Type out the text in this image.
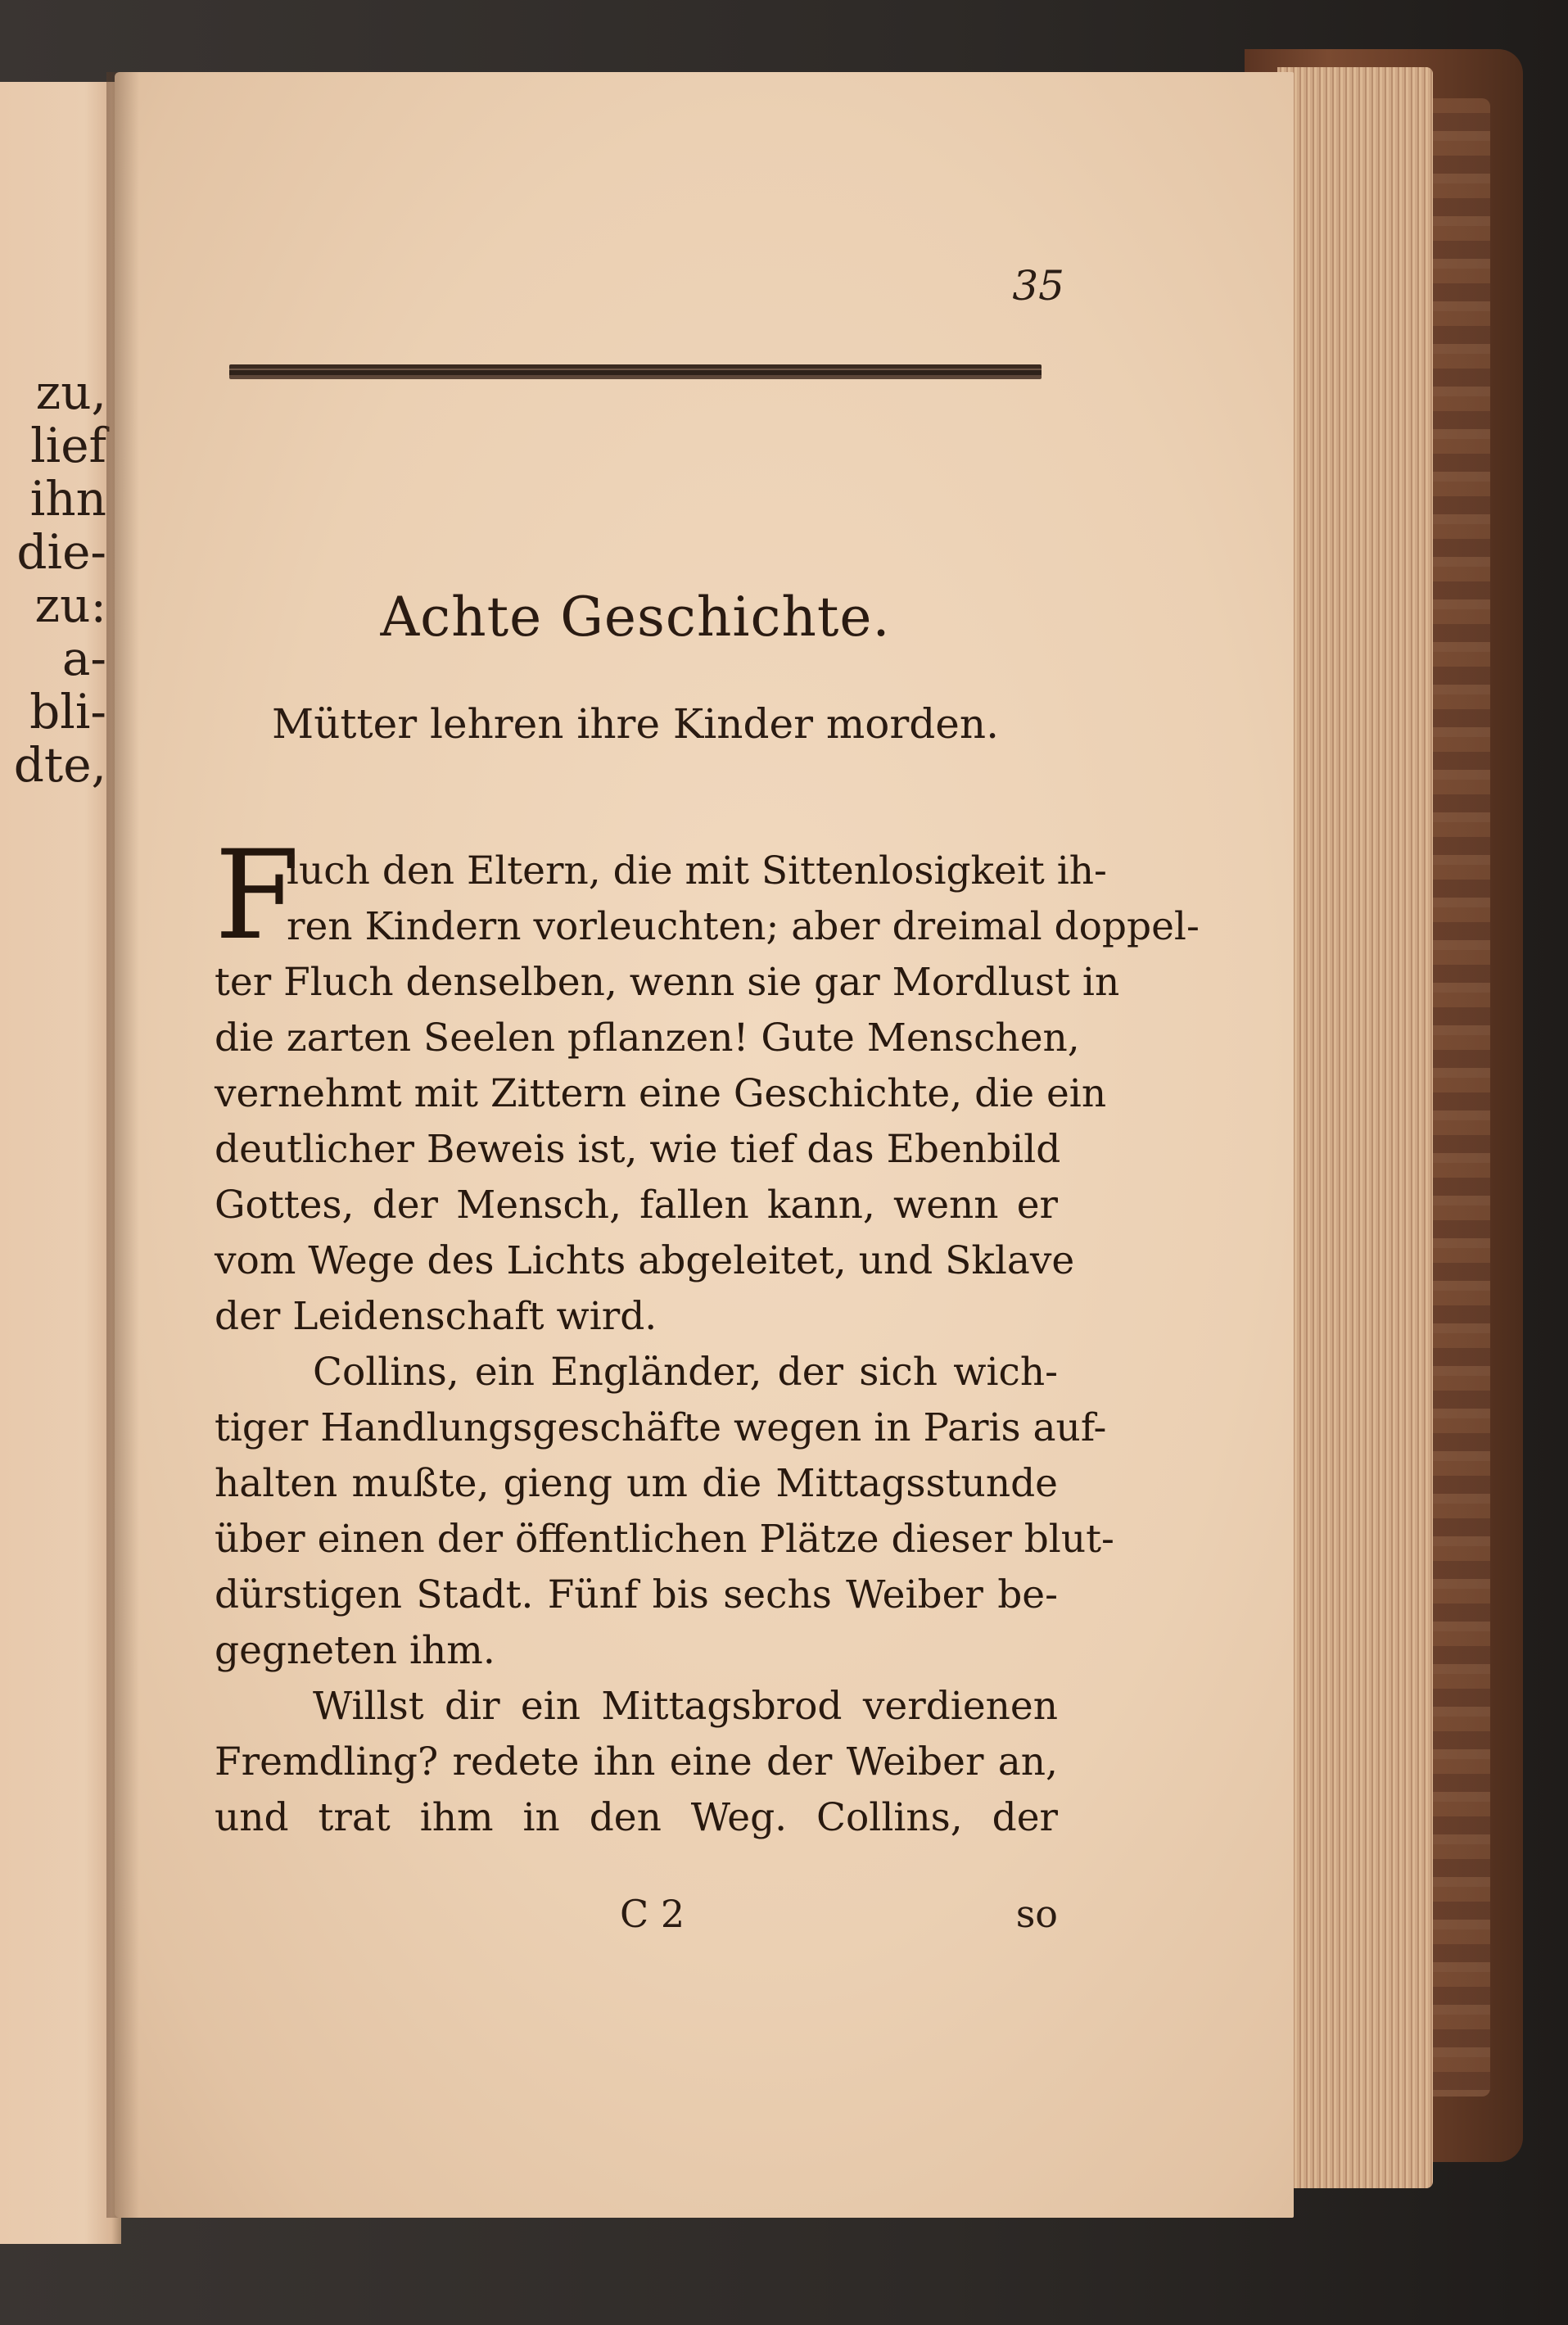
zu,
lief
ihn
die-
zu:
a-
bli-
dte,
35
Achte Geschichte.
Mütter lehren ihre Kinder morden.
F
luch den Eltern, die mit Sittenlosigkeit ih-
ren Kindern vorleuchten; aber dreimal doppel-
ter Fluch denselben, wenn sie gar Mordlust in
die zarten Seelen pflanzen! Gute Menschen,
vernehmt mit Zittern eine Geschichte, die ein
deutlicher Beweis ist, wie tief das Ebenbild
Gottes, der Mensch, fallen kann, wenn er
vom Wege des Lichts abgeleitet, und Sklave
der Leidenschaft wird.
Collins, ein Engländer, der sich wich-
tiger Handlungsgeschäfte wegen in Paris auf-
halten mußte, gieng um die Mittagsstunde
über einen der öffentlichen Plätze dieser blut-
dürstigen Stadt. Fünf bis sechs Weiber be-
gegneten ihm.
Willst dir ein Mittagsbrod verdienen
Fremdling? redete ihn eine der Weiber an,
und trat ihm in den Weg. Collins, der
C 2	so
